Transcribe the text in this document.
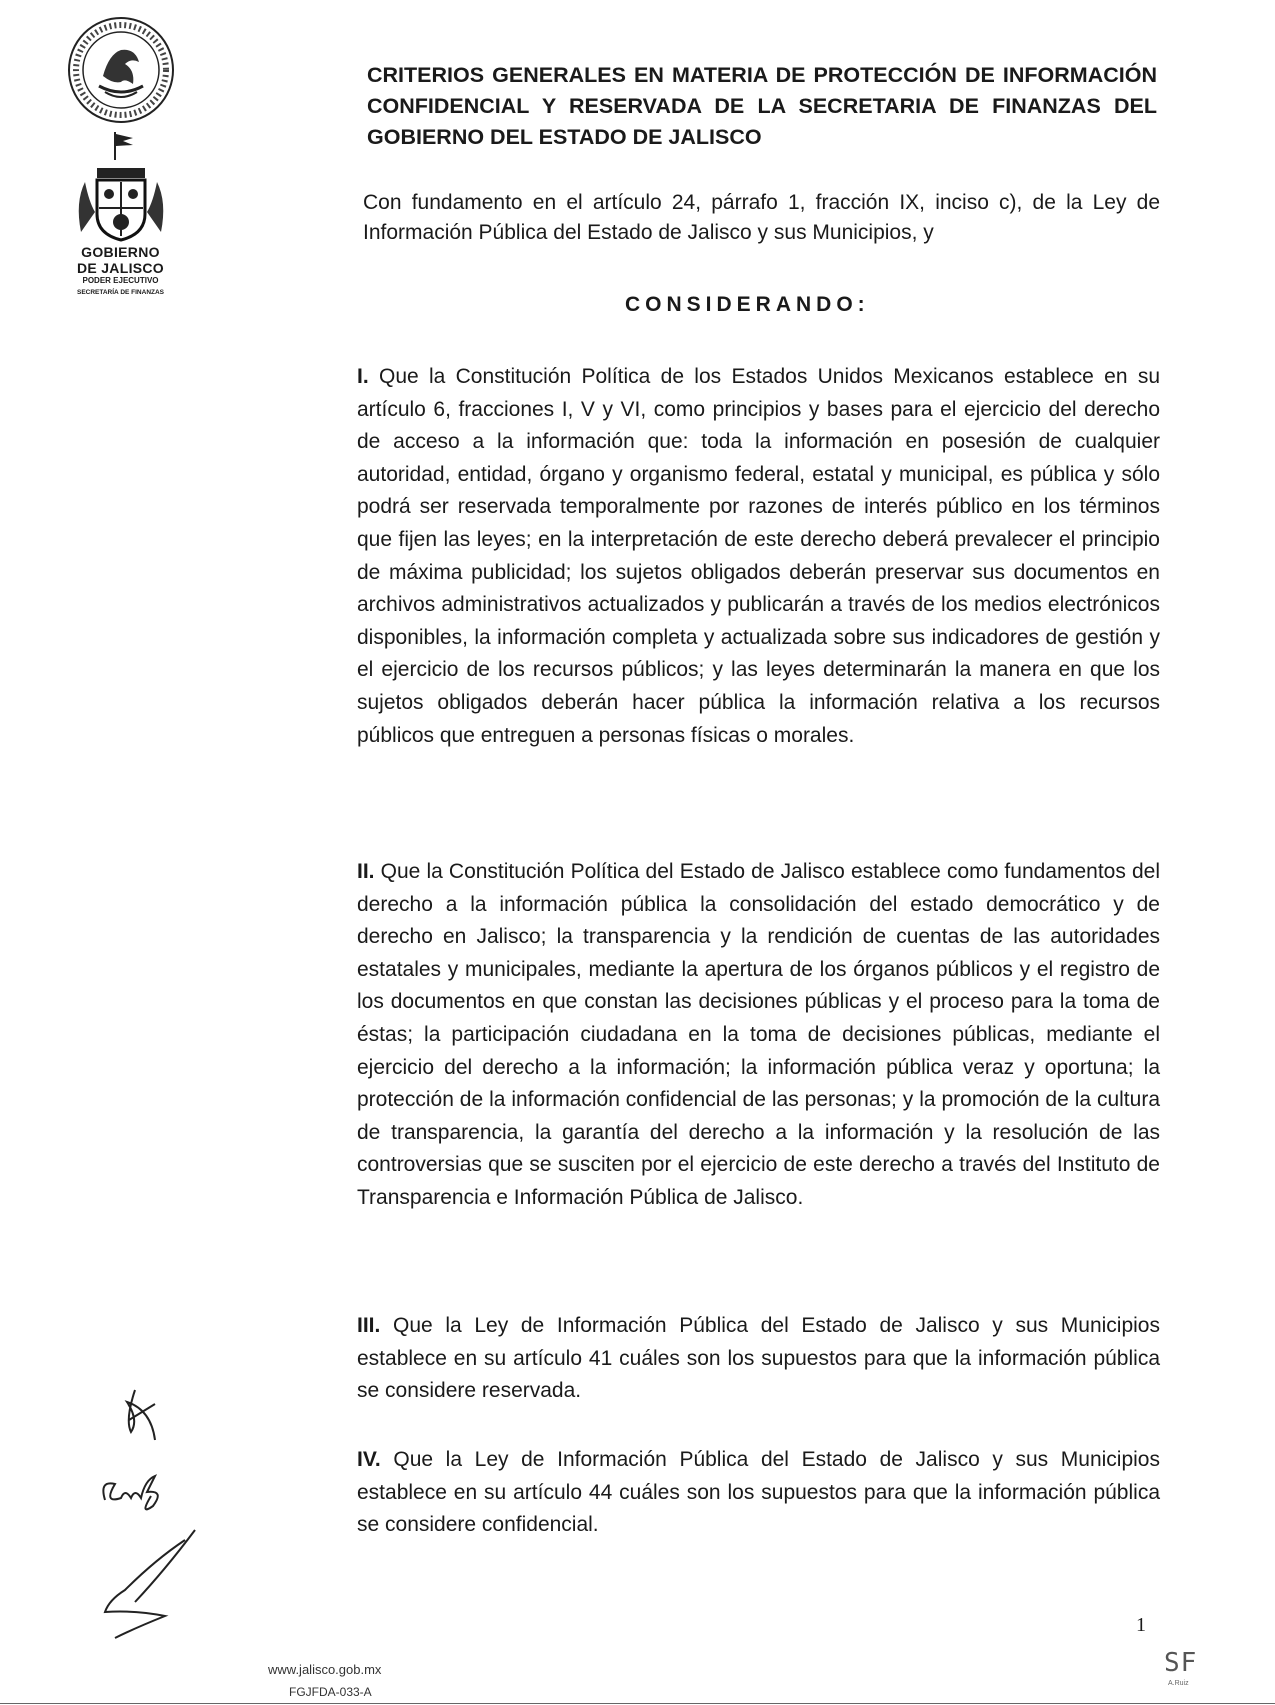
GOBIERNO
DE JALISCO
PODER EJECUTIVO
SECRETARÍA DE FINANZAS

CRITERIOS GENERALES EN MATERIA DE PROTECCIÓN DE INFORMACIÓN CONFIDENCIAL Y RESERVADA DE LA SECRETARIA DE FINANZAS DEL GOBIERNO DEL ESTADO DE JALISCO

Con fundamento en el artículo 24, párrafo 1, fracción IX, inciso c), de la Ley de Información Pública del Estado de Jalisco y sus Municipios, y

CONSIDERANDO:

I. Que la Constitución Política de los Estados Unidos Mexicanos establece en su artículo 6, fracciones I, V y VI, como principios y bases para el ejercicio del derecho de acceso a la información que: toda la información en posesión de cualquier autoridad, entidad, órgano y organismo federal, estatal y municipal, es pública y sólo podrá ser reservada temporalmente por razones de interés público en los términos que fijen las leyes; en la interpretación de este derecho deberá prevalecer el principio de máxima publicidad; los sujetos obligados deberán preservar sus documentos en archivos administrativos actualizados y publicarán a través de los medios electrónicos disponibles, la información completa y actualizada sobre sus indicadores de gestión y el ejercicio de los recursos públicos; y las leyes determinarán la manera en que los sujetos obligados deberán hacer pública la información relativa a los recursos públicos que entreguen a personas físicas o morales.

II. Que la Constitución Política del Estado de Jalisco establece como fundamentos del derecho a la información pública la consolidación del estado democrático y de derecho en Jalisco; la transparencia y la rendición de cuentas de las autoridades estatales y municipales, mediante la apertura de los órganos públicos y el registro de los documentos en que constan las decisiones públicas y el proceso para la toma de éstas; la participación ciudadana en la toma de decisiones públicas, mediante el ejercicio del derecho a la información; la información pública veraz y oportuna; la protección de la información confidencial de las personas; y la promoción de la cultura de transparencia, la garantía del derecho a la información y la resolución de las controversias que se susciten por el ejercicio de este derecho a través del Instituto de Transparencia e Información Pública de Jalisco.

III. Que la Ley de Información Pública del Estado de Jalisco y sus Municipios establece en su artículo 41 cuáles son los supuestos para que la información pública se considere reservada.

IV. Que la Ley de Información Pública del Estado de Jalisco y sus Municipios establece en su artículo 44 cuáles son los supuestos para que la información pública se considere confidencial.

1
www.jalisco.gob.mx
FGJFDA-033-A
SF
A.Ruiz
